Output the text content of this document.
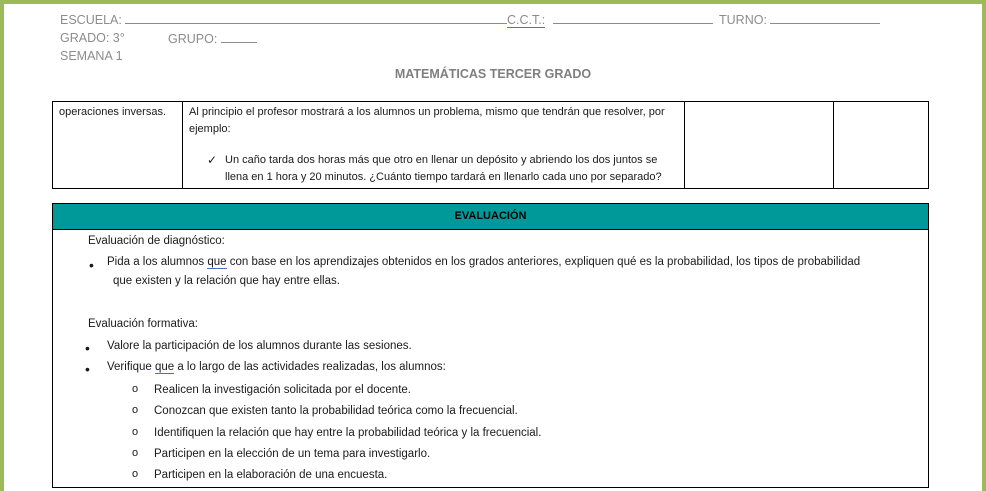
ESCUELA:	C.C.T.:	TURNO:
GRADO: 3°	GRUPO:
SEMANA 1
MATEMÁTICAS TERCER GRADO
operaciones inversas.	Al principio el profesor mostrará a los alumnos un problema, mismo que tendrán que resolver, por ejemplo:
✓ Un caño tarda dos horas más que otro en llenar un depósito y abriendo los dos juntos se llena en 1 hora y 20 minutos. ¿Cuánto tiempo tardará en llenarlo cada uno por separado?

EVALUACIÓN
Evaluación de diagnóstico:
• Pida a los alumnos que con base en los aprendizajes obtenidos en los grados anteriores, expliquen qué es la probabilidad, los tipos de probabilidad
que existen y la relación que hay entre ellas.
Evaluación formativa:
• Valore la participación de los alumnos durante las sesiones.
• Verifique que a lo largo de las actividades realizadas, los alumnos:
o Realicen la investigación solicitada por el docente.
o Conozcan que existen tanto la probabilidad teórica como la frecuencial.
o Identifiquen la relación que hay entre la probabilidad teórica y la frecuencial.
o Participen en la elección de un tema para investigarlo.
o Participen en la elaboración de una encuesta.
